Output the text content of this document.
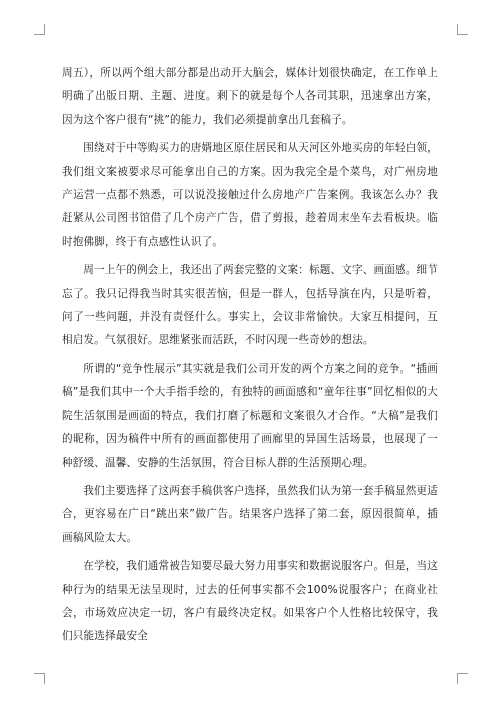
周五），所以两个组大部分都是出动开大脑会，媒体计划很快确定，在工作单上明确了出版日期、主题、进度。剩下的就是每个人各司其职，迅速拿出方案，因为这个客户很有“挑”的能力，我们必须提前拿出几套稿子。

围绕对于中等购买力的唐婿地区原住居民和从天河区外地买房的年轻白领，我们组文案被要求尽可能拿出自己的方案。因为我完全是个菜鸟，对广州房地产运营一点都不熟悉，可以说没接触过什么房地产广告案例。我该怎么办？我赶紧从公司图书馆借了几个房产广告，借了剪报，趁着周末坐车去看板块。临时抱佛脚，终于有点感性认识了。

周一上午的例会上，我还出了两套完整的文案：标题、文字、画面感。细节忘了。我只记得我当时其实很苦恼，但是一群人，包括导演在内，只是听着，问了一些问题，并没有责怪什么。事实上，会议非常愉快。大家互相提问，互相启发。气氛很好。思维紧张而活跃，不时闪现一些奇妙的想法。

所谓的“竞争性展示”其实就是我们公司开发的两个方案之间的竞争。“插画稿”是我们其中一个大手指手绘的，有独特的画面感和“童年往事”回忆相似的大院生活氛围是画面的特点，我们打磨了标题和文案很久才合作。“大稿”是我们的昵称，因为稿件中所有的画面都使用了画廊里的异国生活场景，也展现了一种舒缓、温馨、安静的生活氛围，符合目标人群的生活预期心理。

我们主要选择了这两套手稿供客户选择，虽然我们认为第一套手稿显然更适合，更容易在广日“跳出来”做广告。结果客户选择了第二套，原因很简单，插画稿风险太大。

在学校，我们通常被告知要尽最大努力用事实和数据说服客户。但是，当这种行为的结果无法呈现时，过去的任何事实都不会100%说服客户；在商业社会，市场效应决定一切，客户有最终决定权。如果客户个人性格比较保守，我们只能选择最安全
